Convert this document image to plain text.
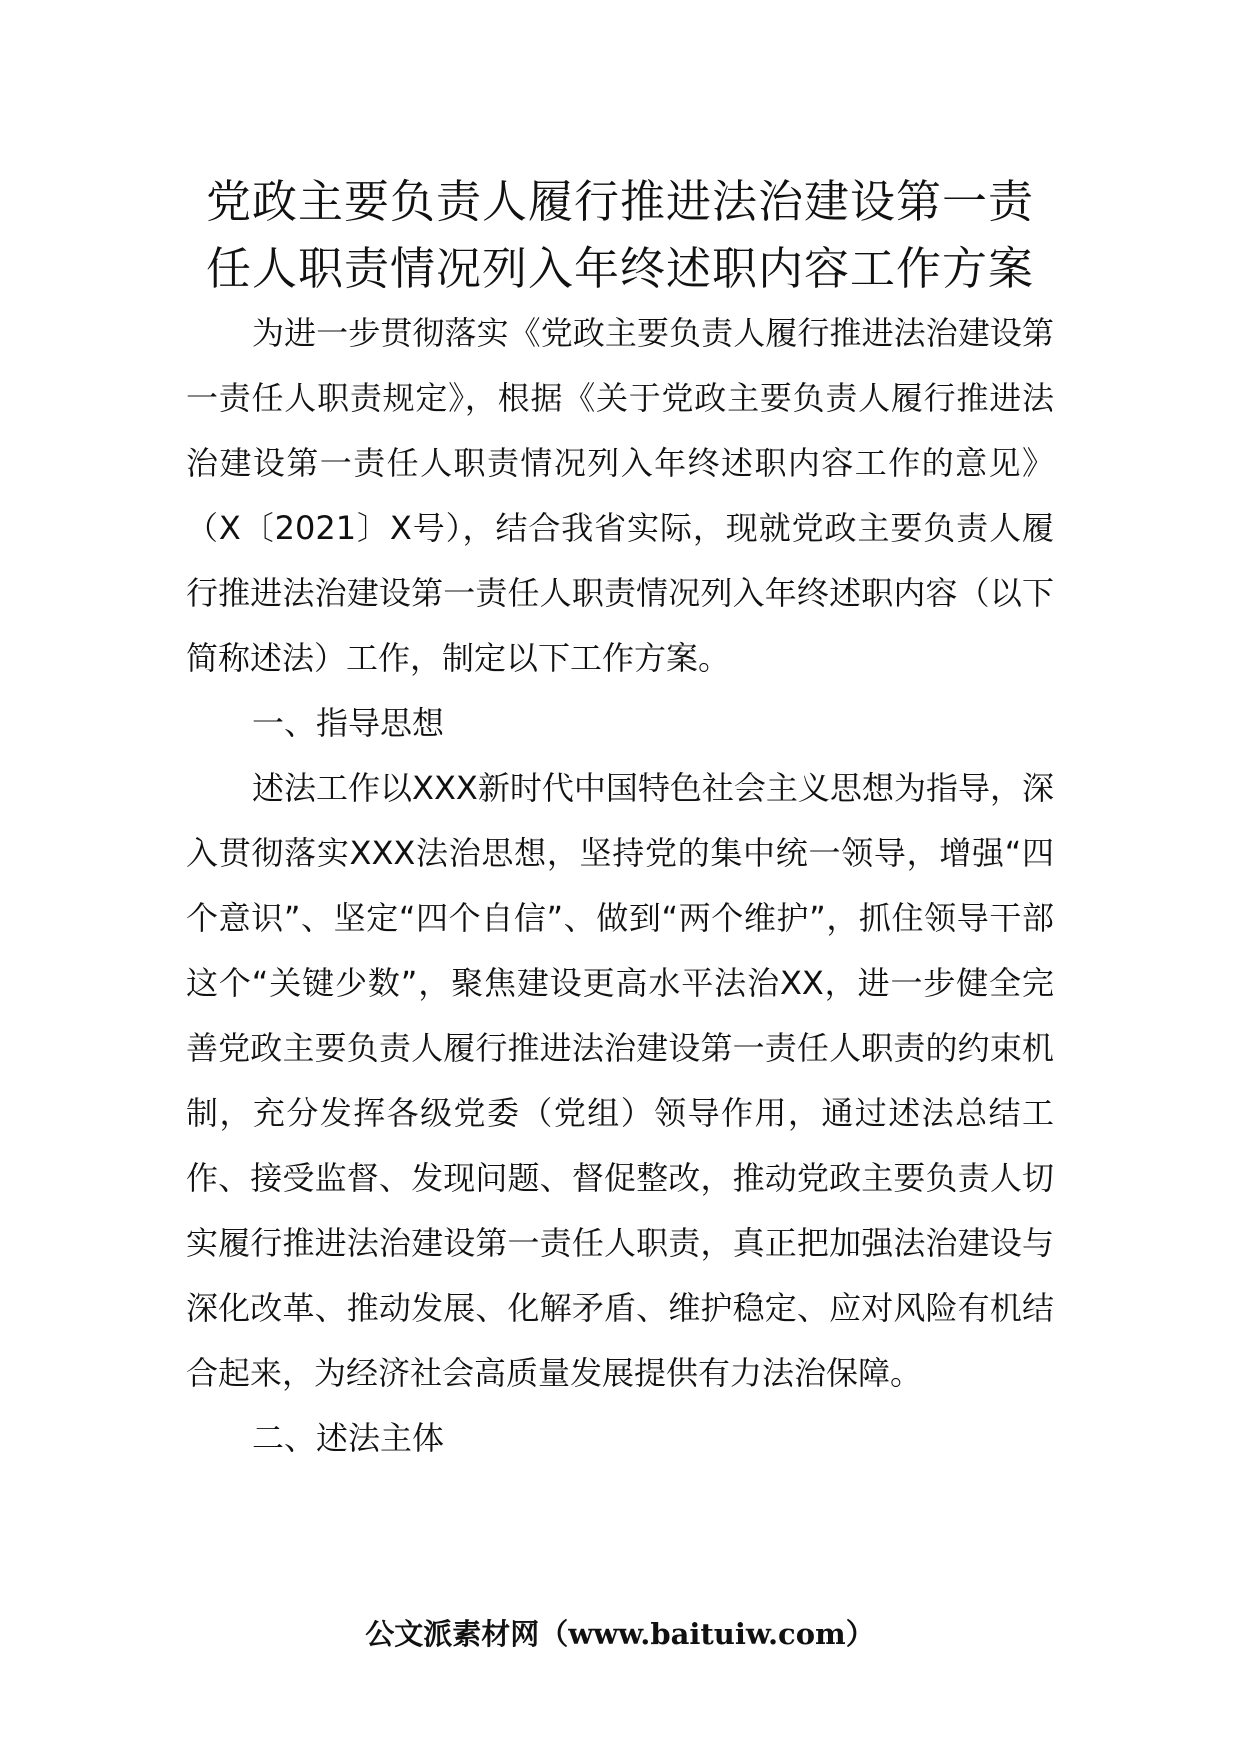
党政主要负责人履行推进法治建设第一责
任人职责情况列入年终述职内容工作方案

为进一步贯彻落实《党政主要负责人履行推进法治建设第一责任人职责规定》，根据《关于党政主要负责人履行推进法治建设第一责任人职责情况列入年终述职内容工作的意见》（X〔2021〕X号），结合我省实际，现就党政主要负责人履行推进法治建设第一责任人职责情况列入年终述职内容（以下简称述法）工作，制定以下工作方案。

一、指导思想

述法工作以XXX新时代中国特色社会主义思想为指导，深入贯彻落实XXX法治思想，坚持党的集中统一领导，增强“四个意识”、坚定“四个自信”、做到“两个维护”，抓住领导干部这个“关键少数”，聚焦建设更高水平法治XX，进一步健全完善党政主要负责人履行推进法治建设第一责任人职责的约束机制，充分发挥各级党委（党组）领导作用，通过述法总结工作、接受监督、发现问题、督促整改，推动党政主要负责人切实履行推进法治建设第一责任人职责，真正把加强法治建设与深化改革、推动发展、化解矛盾、维护稳定、应对风险有机结合起来，为经济社会高质量发展提供有力法治保障。

二、述法主体
公文派素材网（www.baituiw.com）
